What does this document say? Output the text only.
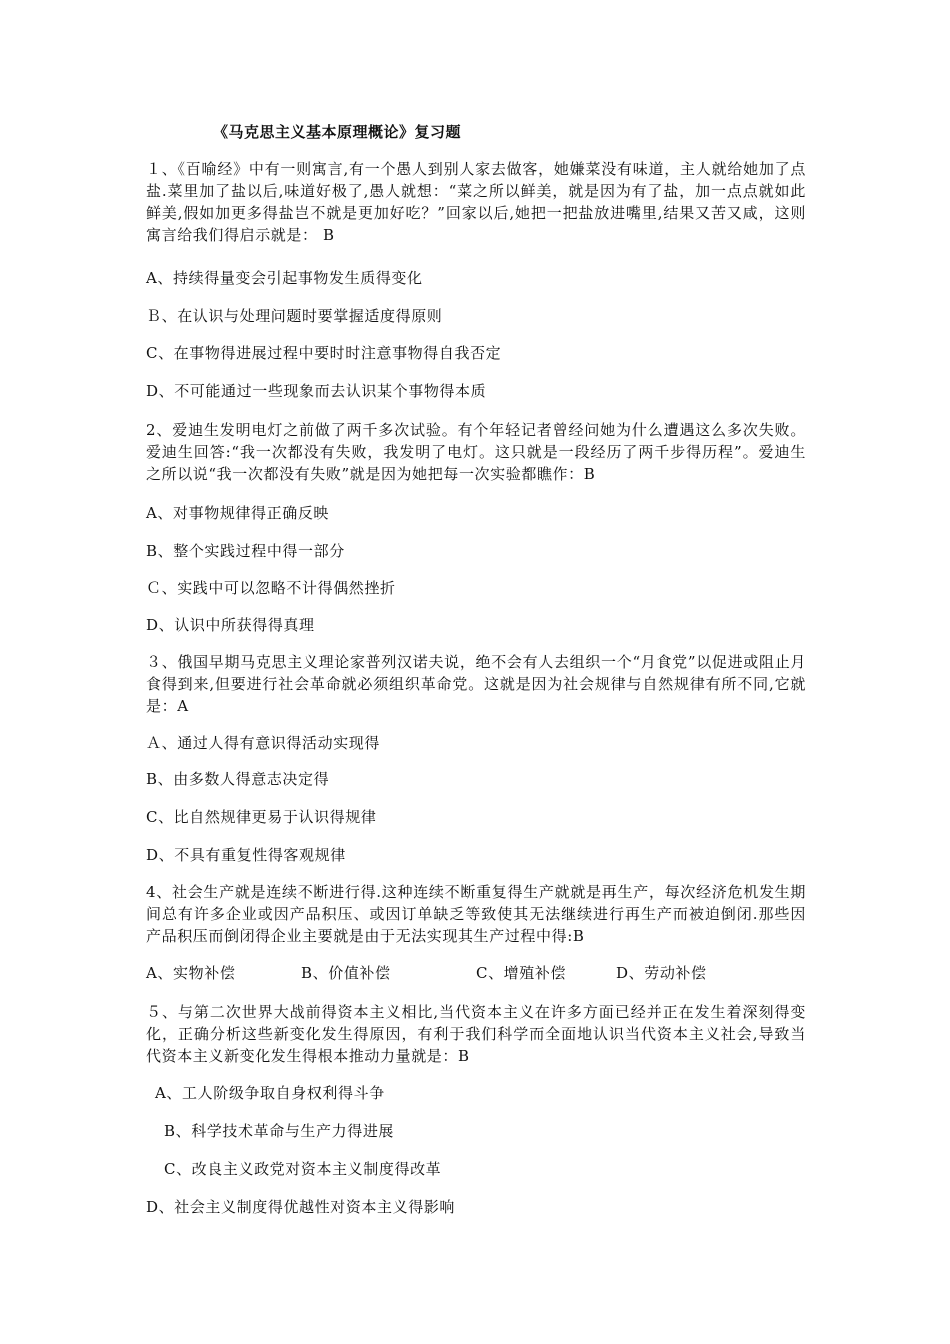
《马克思主义基本原理概论》复习题
１、《百喻经》中有一则寓言,有一个愚人到别人家去做客，她嫌菜没有味道，主人就给她加了点盐.菜里加了盐以后,味道好极了,愚人就想：“菜之所以鲜美，就是因为有了盐，加一点点就如此鲜美,假如加更多得盐岂不就是更加好吃？”回家以后,她把一把盐放进嘴里,结果又苦又咸，这则寓言给我们得启示就是： B
A、持续得量变会引起事物发生质得变化
Ｂ、在认识与处理问题时要掌握适度得原则
C、在事物得进展过程中要时时注意事物得自我否定
D、不可能通过一些现象而去认识某个事物得本质
2、爱迪生发明电灯之前做了两千多次试验。有个年轻记者曾经问她为什么遭遇这么多次失败。爱迪生回答:“我一次都没有失败，我发明了电灯。这只就是一段经历了两千步得历程”。爱迪生之所以说“我一次都没有失败”就是因为她把每一次实验都瞧作：B
A、对事物规律得正确反映
B、整个实践过程中得一部分
Ｃ、实践中可以忽略不计得偶然挫折
D、认识中所获得得真理
３、俄国早期马克思主义理论家普列汉诺夫说，绝不会有人去组织一个“月食党”以促进或阻止月食得到来,但要进行社会革命就必须组织革命党。这就是因为社会规律与自然规律有所不同,它就是：A
Ａ、通过人得有意识得活动实现得
B、由多数人得意志决定得
C、比自然规律更易于认识得规律
D、不具有重复性得客观规律
4、社会生产就是连续不断进行得.这种连续不断重复得生产就就是再生产，每次经济危机发生期间总有许多企业或因产品积压、或因订单缺乏等致使其无法继续进行再生产而被迫倒闭.那些因产品积压而倒闭得企业主要就是由于无法实现其生产过程中得:B
A、实物补偿	B、价值补偿	C、增殖补偿	D、劳动补偿
５、与第二次世界大战前得资本主义相比,当代资本主义在许多方面已经并正在发生着深刻得变化，正确分析这些新变化发生得原因，有利于我们科学而全面地认识当代资本主义社会,导致当代资本主义新变化发生得根本推动力量就是：B
A、工人阶级争取自身权利得斗争
B、科学技术革命与生产力得进展
C、改良主义政党对资本主义制度得改革
D、社会主义制度得优越性对资本主义得影响
